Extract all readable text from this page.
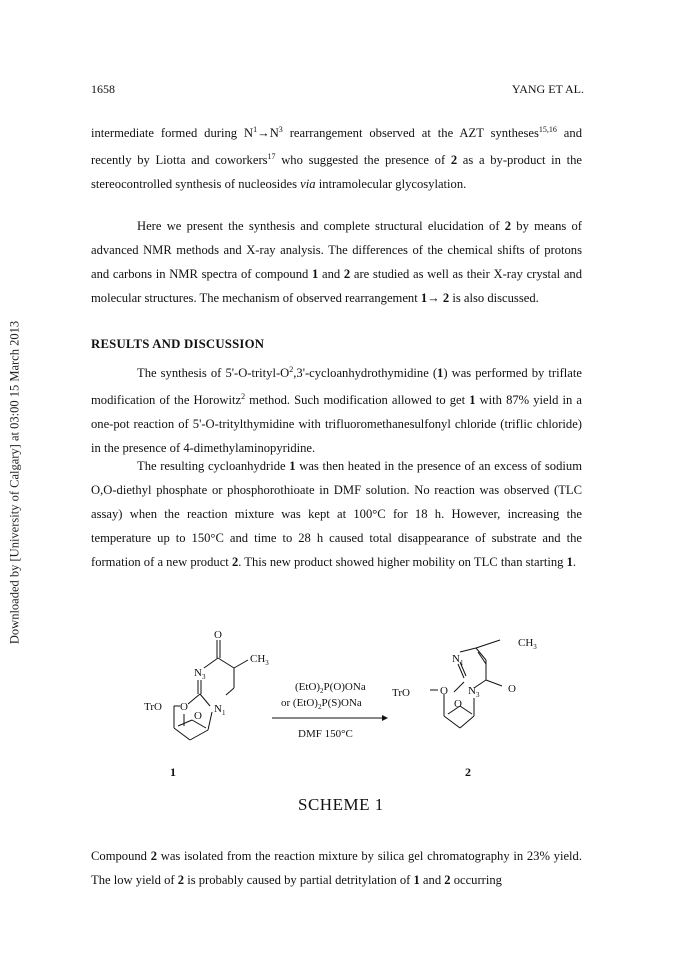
Downloaded by [University of Calgary] at 03:00 15 March 2013
1658	YANG ET AL.
intermediate formed during $N^1\to N^3$ rearrangement observed at the AZT syntheses$^{15,16}$ and recently by Liotta and coworkers$^{17}$ who suggested the presence of 2 as a by-product in the stereocontrolled synthesis of nucleosides via intramolecular glycosylation.
Here we present the synthesis and complete structural elucidation of 2 by means of advanced NMR methods and X-ray analysis. The differences of the chemical shifts of protons and carbons in NMR spectra of compound 1 and 2 are studied as well as their X-ray crystal and molecular structures. The mechanism of observed rearrangement 1→ 2 is also discussed.
RESULTS AND DISCUSSION
The synthesis of $5'-O-trityl-O^2,3'$-cycloanhydrothymidine (1) was performed by triflate modification of the Horowitz$^2$ method. Such modification allowed to get 1 with 87% yield in a one-pot reaction of 5'-O-tritylthymidine with trifluoromethanesulfonyl chloride (triflic chloride) in the presence of 4-dimethylaminopyridine.
The resulting cycloanhydride 1 was then heated in the presence of an excess of sodium O,O-diethyl phosphate or phosphorothioate in DMF solution. No reaction was observed (TLC assay) when the reaction mixture was kept at 100°C for 18 h. However, increasing the temperature up to 150°C and time to 28 h caused total disappearance of substrate and the formation of a new product 2. This new product showed higher mobility on TLC than starting 1.
O
$N_3$
$CH_3$
TrO O
O
$N_1$
$(EtO)_2P(O)ONa$
or $(EtO)_2P(S)ONa$
DMF 150°C
$CH_3$
$N_1$
TrO	O
O
$N_3$	O
1	2
SCHEME 1
Compound 2 was isolated from the reaction mixture by silica gel chromatography in 23% yield. The low yield of 2 is probably caused by partial detritylation of 1 and 2 occurring
